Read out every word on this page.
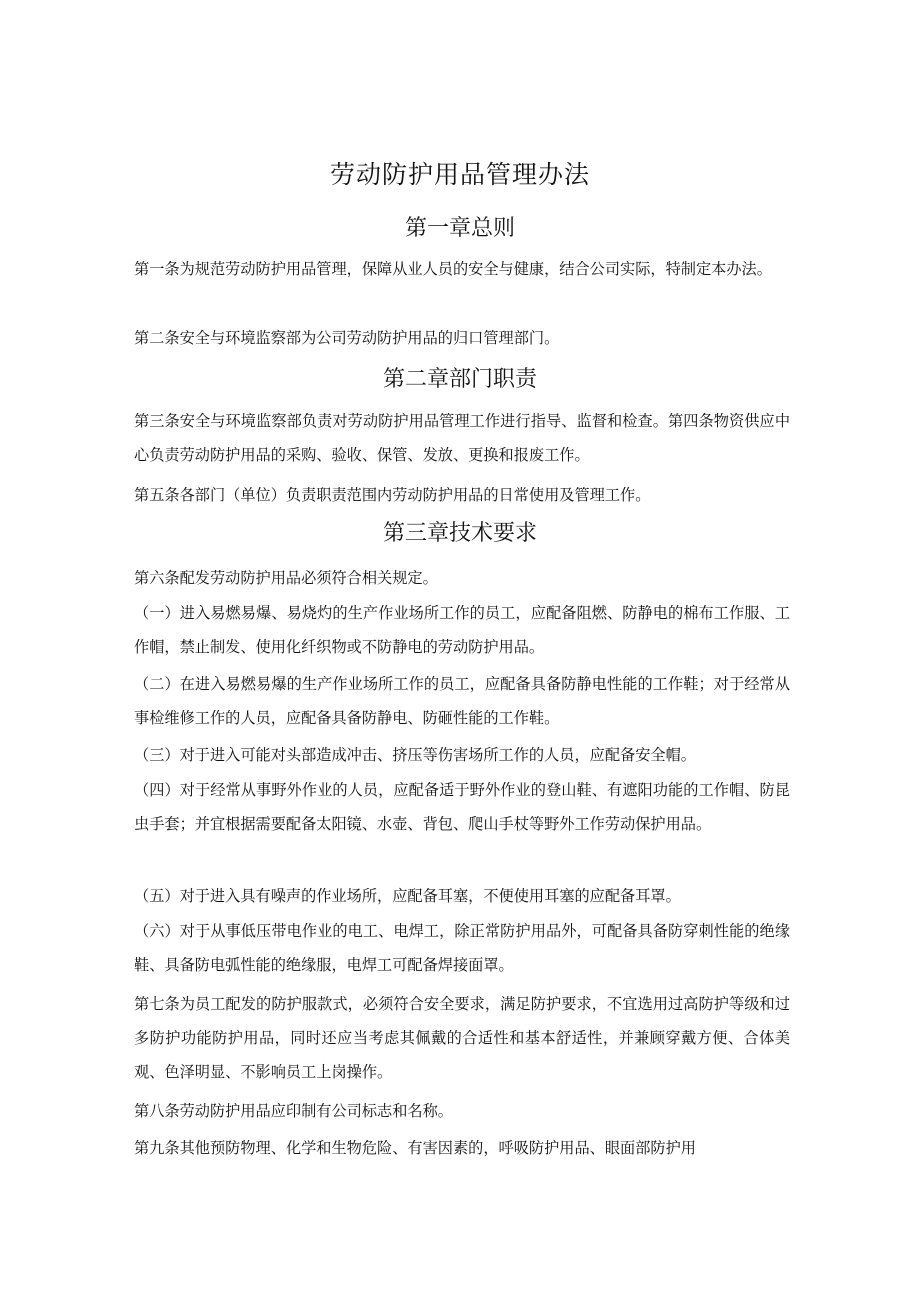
劳动防护用品管理办法
第一章总则
第一条为规范劳动防护用品管理，保障从业人员的安全与健康，结合公司实际，特制定本办法。
第二条安全与环境监察部为公司劳动防护用品的归口管理部门。
第二章部门职责
第三条安全与环境监察部负责对劳动防护用品管理工作进行指导、监督和检查。第四条物资供应中心负责劳动防护用品的采购、验收、保管、发放、更换和报废工作。
第五条各部门（单位）负责职责范围内劳动防护用品的日常使用及管理工作。
第三章技术要求
第六条配发劳动防护用品必须符合相关规定。
（一）进入易燃易爆、易烧灼的生产作业场所工作的员工，应配备阻燃、防静电的棉布工作服、工作帽，禁止制发、使用化纤织物或不防静电的劳动防护用品。
（二）在进入易燃易爆的生产作业场所工作的员工，应配备具备防静电性能的工作鞋；对于经常从事检维修工作的人员，应配备具备防静电、防砸性能的工作鞋。
（三）对于进入可能对头部造成冲击、挤压等伤害场所工作的人员，应配备安全帽。
（四）对于经常从事野外作业的人员，应配备适于野外作业的登山鞋、有遮阳功能的工作帽、防昆虫手套；并宜根据需要配备太阳镜、水壶、背包、爬山手杖等野外工作劳动保护用品。
（五）对于进入具有噪声的作业场所，应配备耳塞，不便使用耳塞的应配备耳罩。
（六）对于从事低压带电作业的电工、电焊工，除正常防护用品外，可配备具备防穿刺性能的绝缘鞋、具备防电弧性能的绝缘服，电焊工可配备焊接面罩。
第七条为员工配发的防护服款式，必须符合安全要求，满足防护要求，不宜选用过高防护等级和过多防护功能防护用品，同时还应当考虑其佩戴的合适性和基本舒适性，并兼顾穿戴方便、合体美观、色泽明显、不影响员工上岗操作。
第八条劳动防护用品应印制有公司标志和名称。
第九条其他预防物理、化学和生物危险、有害因素的，呼吸防护用品、眼面部防护用
